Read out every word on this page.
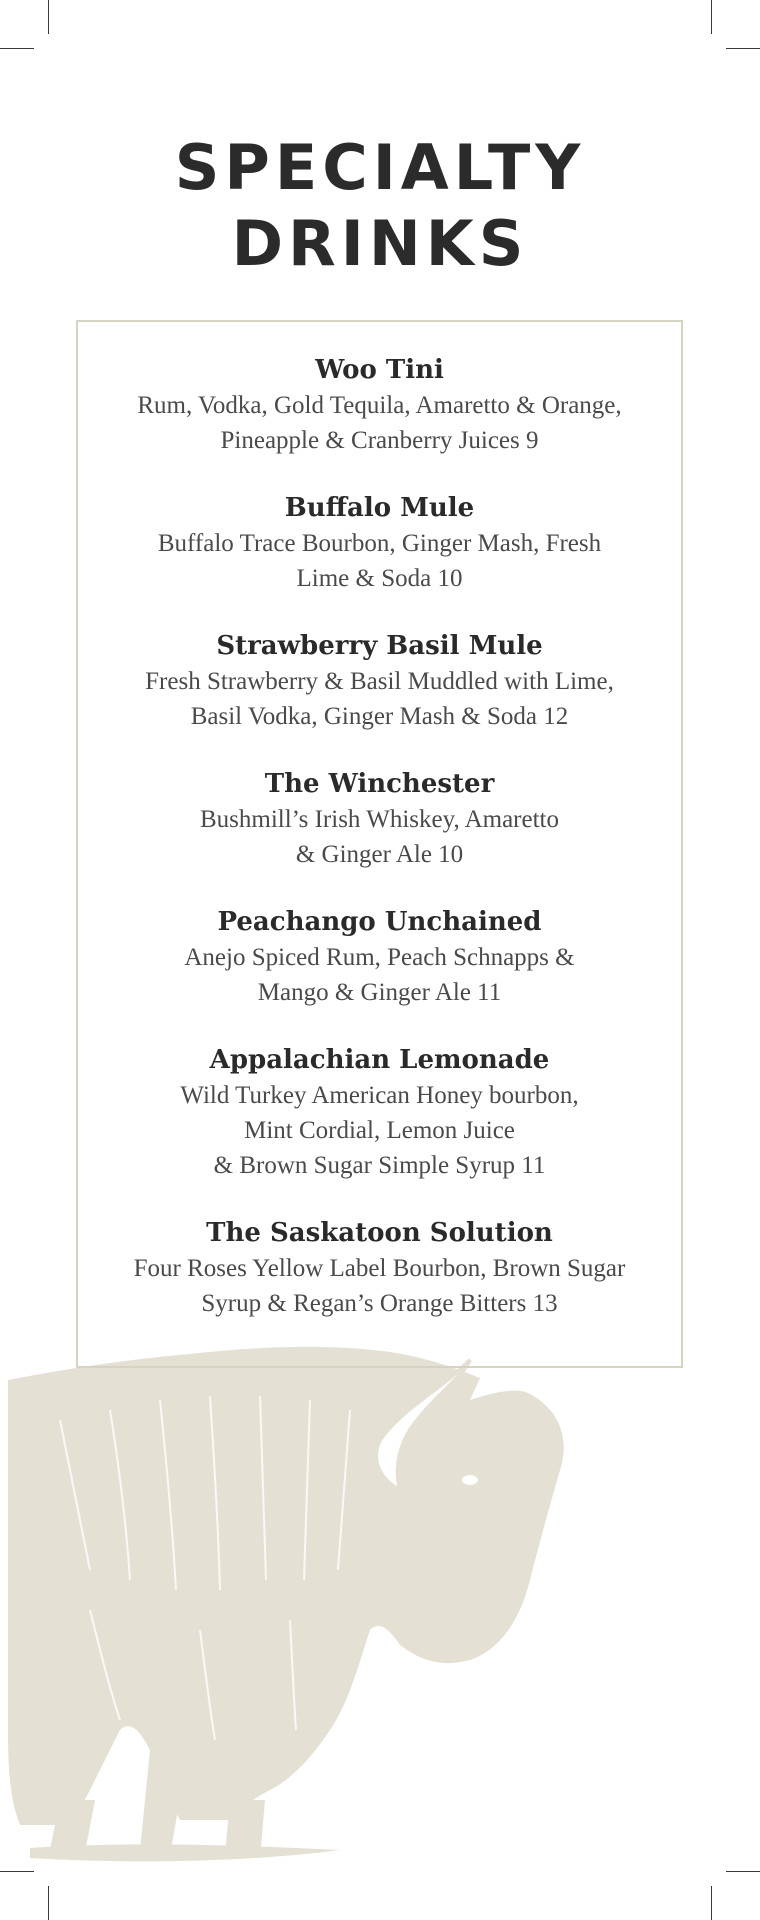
SPECIALTY
DRINKS

Woo Tini

Rum, Vodka, Gold Tequila, Amaretto & Orange,
Pineapple & Cranberry Juices 9

Buffalo Mule

Buffalo Trace Bourbon, Ginger Mash, Fresh
Lime & Soda 10

Strawberry Basil Mule

Fresh Strawberry & Basil Muddled with Lime,
Basil Vodka, Ginger Mash & Soda 12

The Winchester

Bushmill’s Irish Whiskey, Amaretto
& Ginger Ale 10

Peachango Unchained

Anejo Spiced Rum, Peach Schnapps &
Mango & Ginger Ale 11

Appalachian Lemonade

Wild Turkey American Honey bourbon,
Mint Cordial, Lemon Juice
& Brown Sugar Simple Syrup 11

The Saskatoon Solution

Four Roses Yellow Label Bourbon, Brown Sugar
Syrup & Regan’s Orange Bitters 13
